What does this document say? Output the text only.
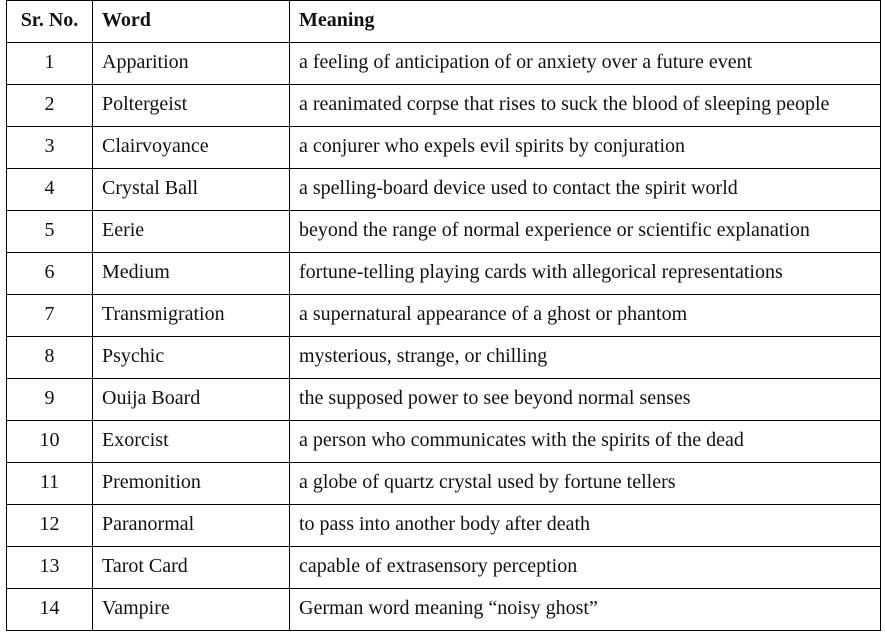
Sr. No.	Word	Meaning
1	Apparition	a feeling of anticipation of or anxiety over a future event
2	Poltergeist	a reanimated corpse that rises to suck the blood of sleeping people
3	Clairvoyance	a conjurer who expels evil spirits by conjuration
4	Crystal Ball	a spelling-board device used to contact the spirit world
5	Eerie	beyond the range of normal experience or scientific explanation
6	Medium	fortune-telling playing cards with allegorical representations
7	Transmigration	a supernatural appearance of a ghost or phantom
8	Psychic	mysterious, strange, or chilling
9	Ouija Board	the supposed power to see beyond normal senses
10	Exorcist	a person who communicates with the spirits of the dead
11	Premonition	a globe of quartz crystal used by fortune tellers
12	Paranormal	to pass into another body after death
13	Tarot Card	capable of extrasensory perception
14	Vampire	German word meaning “noisy ghost”
